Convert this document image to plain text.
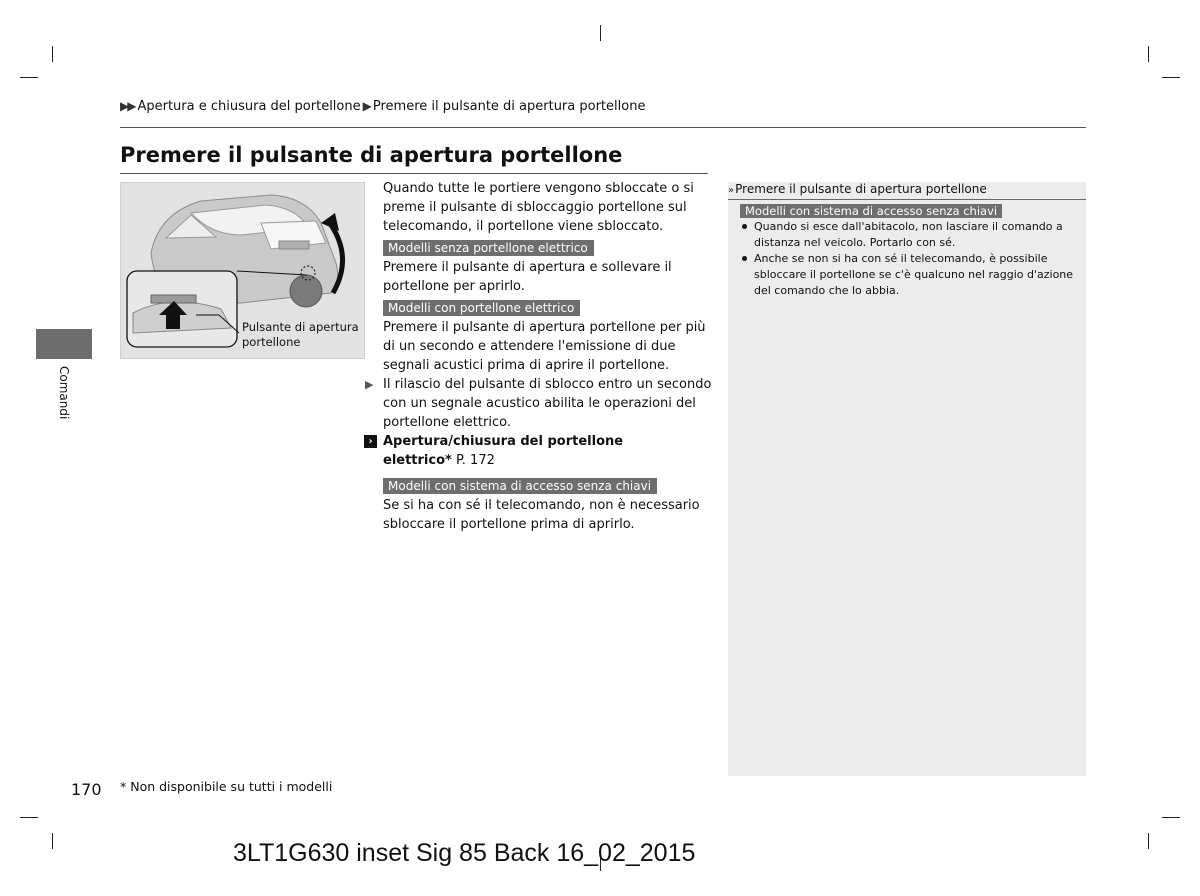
▶▶ Apertura e chiusura del portellone ▶ Premere il pulsante di apertura portellone
Premere il pulsante di apertura portellone
Pulsante di apertura
portellone

Quando tutte le portiere vengono sbloccate o si preme il pulsante di sbloccaggio portellone sul telecomando, il portellone viene sbloccato.

Modelli senza portellone elettrico

Premere il pulsante di apertura e sollevare il portellone per aprirlo.

Modelli con portellone elettrico

Premere il pulsante di apertura portellone per più di un secondo e attendere l'emissione di due segnali acustici prima di aprire il portellone.

▶ Il rilascio del pulsante di sblocco entro un secondo con un segnale acustico abilita le operazioni del portellone elettrico.

› Apertura/chiusura del portellone
elettrico* P. 172

Modelli con sistema di accesso senza chiavi

Se si ha con sé il telecomando, non è necessario sbloccare il portellone prima di aprirlo.

» Premere il pulsante di apertura portellone
Modelli con sistema di accesso senza chiavi
Quando si esce dall'abitacolo, non lasciare il comando a distanza nel veicolo. Portarlo con sé.
Anche se non si ha con sé il telecomando, è possibile sbloccare il portellone se c'è qualcuno nel raggio d'azione del comando che lo abbia.
Comandi
170 * Non disponibile su tutti i modelli
3LT1G630 inset Sig 85 Back 16_02_2015
